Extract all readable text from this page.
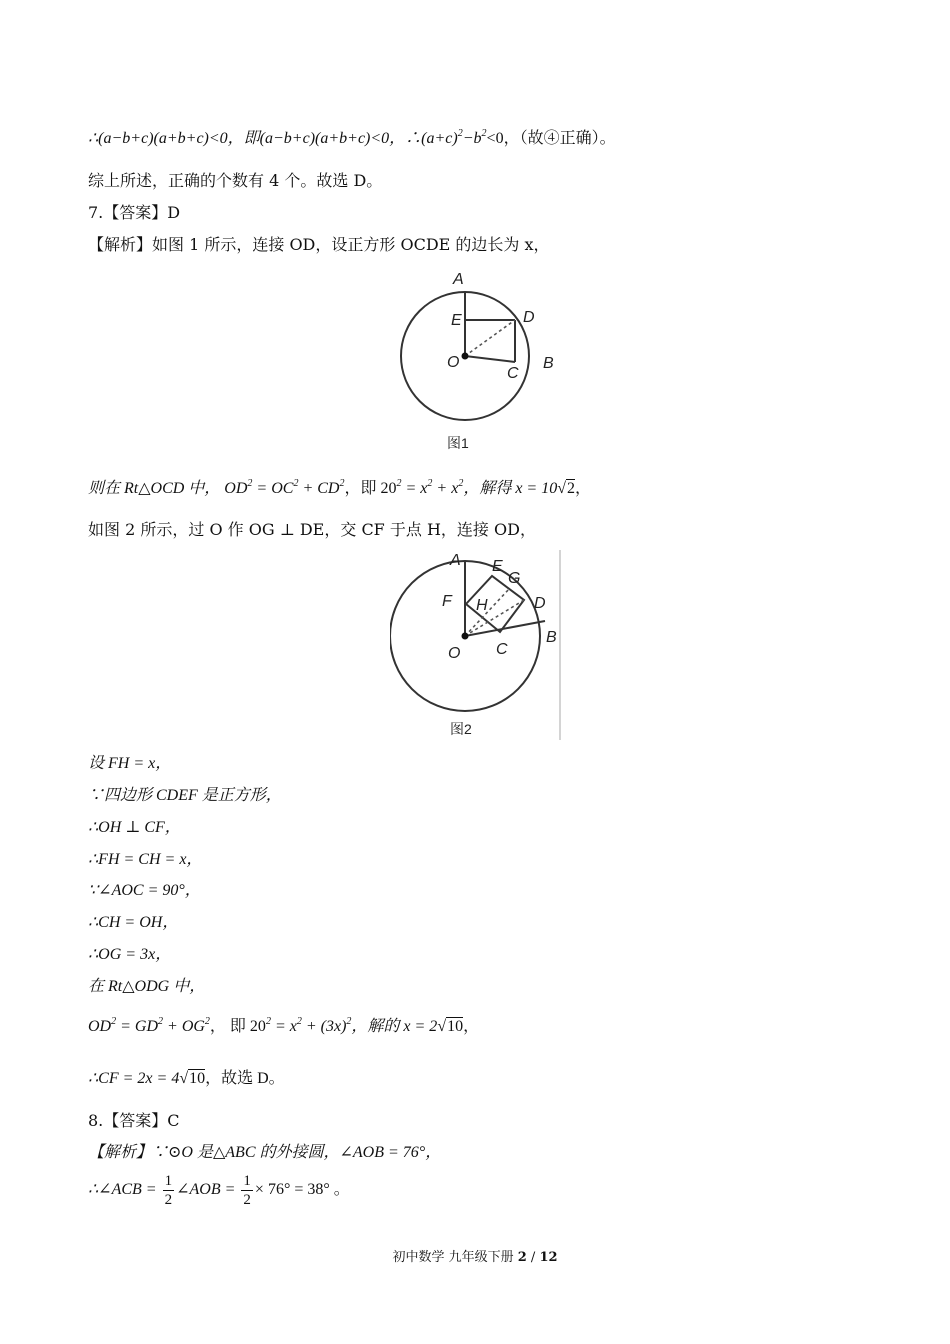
∴(a−b+c)(a+b+c)<0，即(a−b+c)(a+b+c)<0，$\therefore(a+c)^2-b^2<0$，（故④正确）。
综上所述，正确的个数有 4 个。故选 D。
7.【答案】D
【解析】如图 1 所示，连接 OD，设正方形 OCDE 的边长为 x，
A
E	D
O
C
B
图1
则在 Rt△OCD 中， $OD^2 = OC^2 + CD^2$，即 $20^2 = x^2 + x^2$，解得 x = 10√2，
如图 2 所示，过 O 作 OG ⊥ DE，交 CF 于点 H，连接 OD，
A E
G
F H	D
O C
B
图2
设 FH = x，
∵四边形 CDEF 是正方形，
∴OH ⊥ CF，
∴FH = CH = x，
∵∠AOC = 90°，
∴CH = OH，
∴OG = 3x，
在 Rt△ODG 中，
$OD^2 = GD^2 + OG^2$， 即 $20^2 = x^2 + (3x)^2$，解的 x = 2√10，
∴CF = 2x = 4√10，故选 D。
8.【答案】C
【解析】∵⊙O 是△ABC 的外接圆，∠AOB = 76°，
∴∠ACB = $\frac{1}{2}$ ∠AOB = $\frac{1}{2} \times 76^\circ = 38^\circ$ 。
初中数学 九年级下册 2 / 12
